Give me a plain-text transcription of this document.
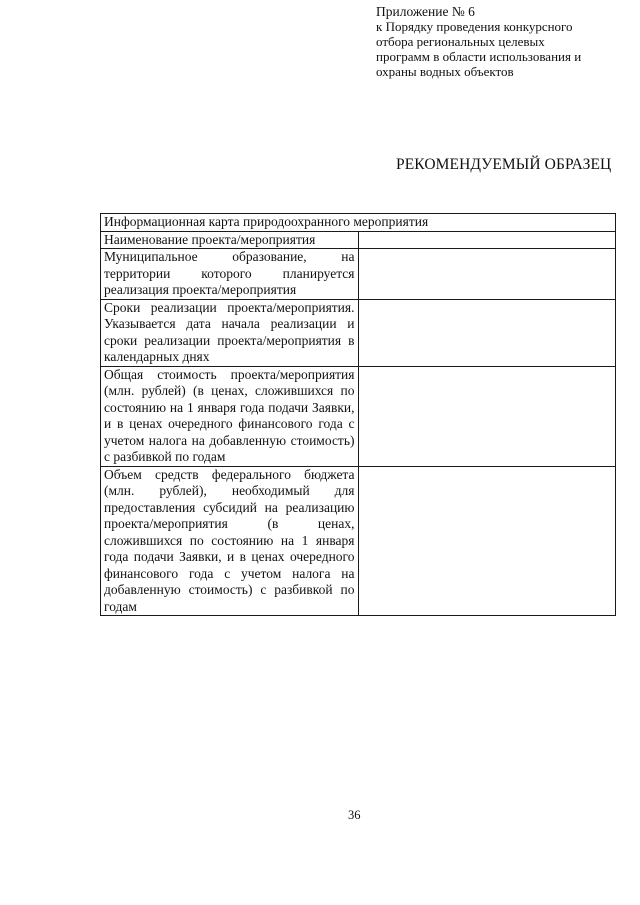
Приложение № 6
к Порядку проведения конкурсного
отбора региональных целевых
программ в области использования и
охраны водных объектов
РЕКОМЕНДУЕМЫЙ ОБРАЗЕЦ
Информационная карта природоохранного мероприятия	
Наименование проекта/мероприятия	
Муниципальное образование, на территории которого планируется реализация проекта/мероприятия	
Сроки реализации проекта/мероприятия. Указывается дата начала реализации и сроки реализации проекта/мероприятия в календарных днях	
Общая стоимость проекта/мероприятия (млн. рублей) (в ценах, сложившихся по состоянию на 1 января года подачи Заявки, и в ценах очередного финансового года с учетом налога на добавленную стоимость) с разбивкой по годам	
Объем средств федерального бюджета (млн. рублей), необходимый для предоставления субсидий на реализацию проекта/мероприятия (в ценах, сложившихся по состоянию на 1 января года подачи Заявки, и в ценах очередного финансового года с учетом налога на добавленную стоимость) с разбивкой по годам	
36
